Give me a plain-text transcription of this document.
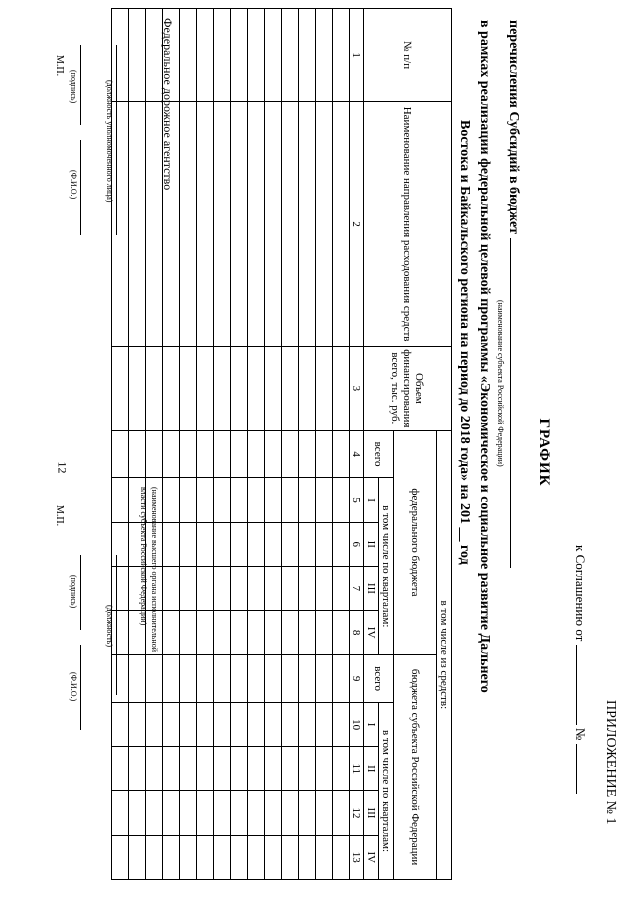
12
ПРИЛОЖЕНИЕ № 1
к Соглашению от  №
ГРАФИК
перечисления Субсидий в бюджет
(наименование субъекта Российской Федерации)
в рамках реализации федеральной целевой программы «Экономическое и социальное развитие Дальнего
Востока и Байкальского региона на период до 2018 года» на 201 __ год
№ п/п	Наименование направления расходования средств	Объем финансирования всего, тыс. руб.	в том числе из средств:									
			федерального бюджета					бюджета субъекта Российской Федерации				
			всего	в том числе по кварталам:				всего	в том числе по кварталам:			
				I	II	III	IV		I	II	III	IV
1	2	3	4	5	6	7	8	9	10	11	12	13

Федеральное дорожное агентство
(должность уполномоченного лица)
(подпись)
(Ф.И.О.)
М.П.
(наименование высшего органа исполнительной власти субъекта Российской Федерации)
(должность)
(подпись)
(Ф.И.О.)
М.П.
